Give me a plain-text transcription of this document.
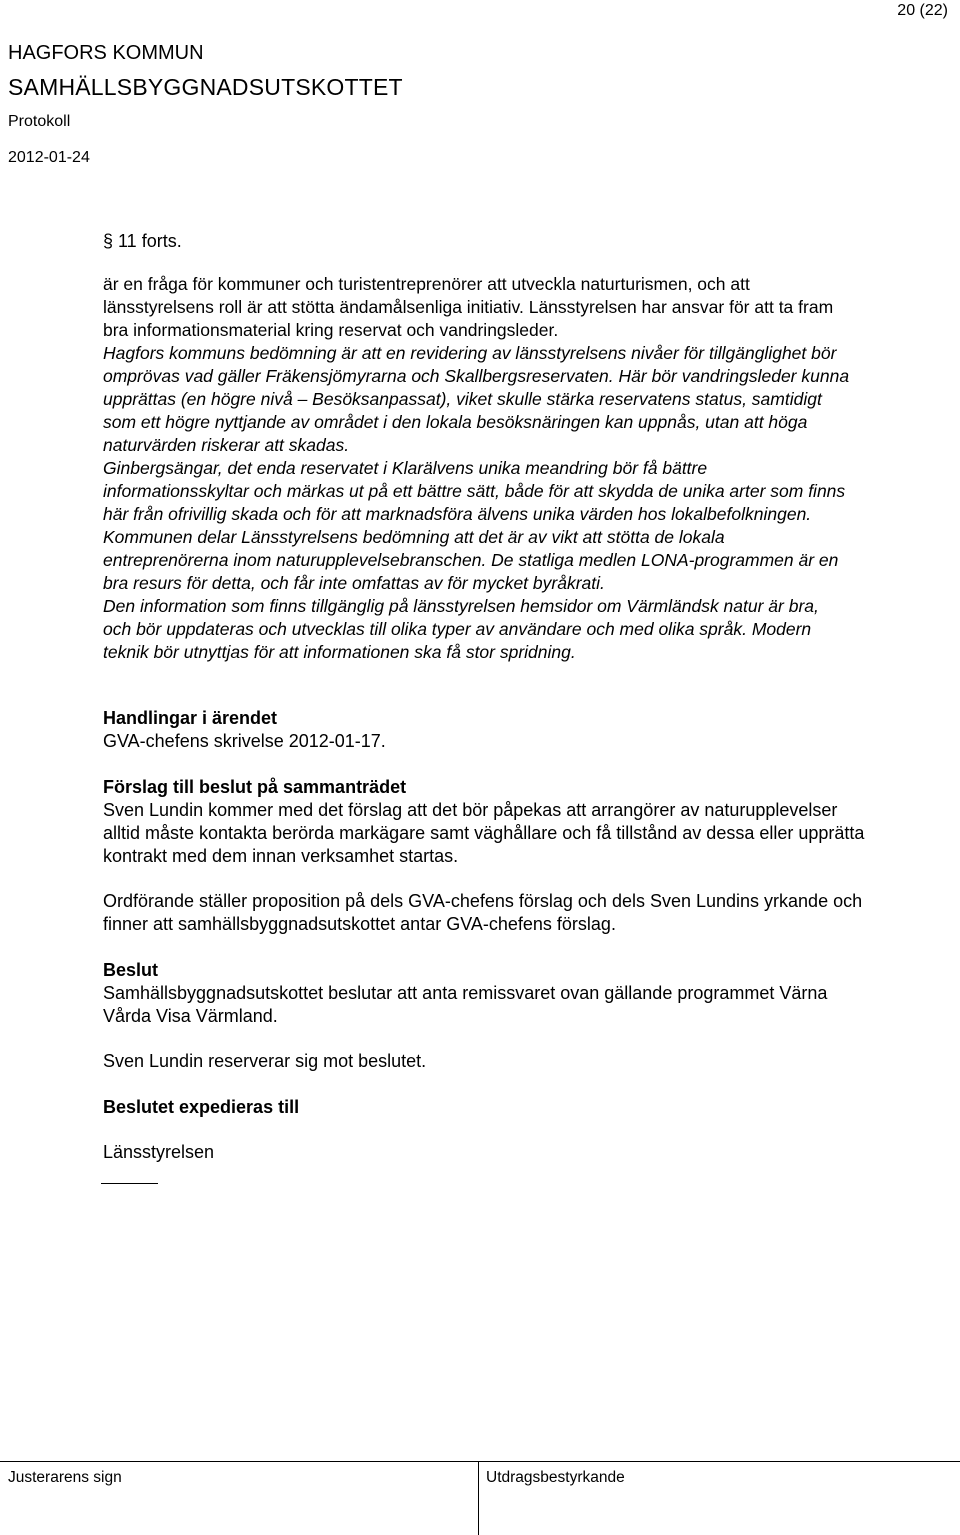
20 (22)
HAGFORS KOMMUN
SAMHÄLLSBYGGNADSUTSKOTTET
Protokoll
2012-01-24
§ 11 forts.
är en fråga för kommuner och turistentreprenörer att utveckla naturturismen, och att
länsstyrelsens roll är att stötta ändamålsenliga initiativ. Länsstyrelsen har ansvar för att ta fram
bra informationsmaterial kring reservat och vandringsleder.
Hagfors kommuns bedömning är att en revidering av länsstyrelsens nivåer för tillgänglighet bör
omprövas vad gäller Fräkensjömyrarna och Skallbergsreservaten. Här bör vandringsleder kunna
upprättas (en högre nivå – Besöksanpassat), viket skulle stärka reservatens status, samtidigt
som ett högre nyttjande av området i den lokala besöksnäringen kan uppnås, utan att höga
naturvärden riskerar att skadas.
Ginbergsängar, det enda reservatet i Klarälvens unika meandring bör få bättre
informationsskyltar och märkas ut på ett bättre sätt, både för att skydda de unika arter som finns
här från ofrivillig skada och för att marknadsföra älvens unika värden hos lokalbefolkningen.
Kommunen delar Länsstyrelsens bedömning att det är av vikt att stötta de lokala
entreprenörerna inom naturupplevelsebranschen. De statliga medlen LONA-programmen är en
bra resurs för detta, och får inte omfattas av för mycket byråkrati.
Den information som finns tillgänglig på länsstyrelsen hemsidor om Värmländsk natur är bra,
och bör uppdateras och utvecklas till olika typer av användare och med olika språk. Modern
teknik bör utnyttjas för att informationen ska få stor spridning.
Handlingar i ärendet
GVA-chefens skrivelse 2012-01-17.
Förslag till beslut på sammanträdet
Sven Lundin kommer med det förslag att det bör påpekas att arrangörer av naturupplevelser
alltid måste kontakta berörda markägare samt väghållare och få tillstånd av dessa eller upprätta
kontrakt med dem innan verksamhet startas.
Ordförande ställer proposition på dels GVA-chefens förslag och dels Sven Lundins yrkande och
finner att samhällsbyggnadsutskottet antar GVA-chefens förslag.
Beslut
Samhällsbyggnadsutskottet beslutar att anta remissvaret ovan gällande programmet Värna
Vårda Visa Värmland.
Sven Lundin reserverar sig mot beslutet.
Beslutet expedieras till
Länsstyrelsen
Justerarens sign	Utdragsbestyrkande
